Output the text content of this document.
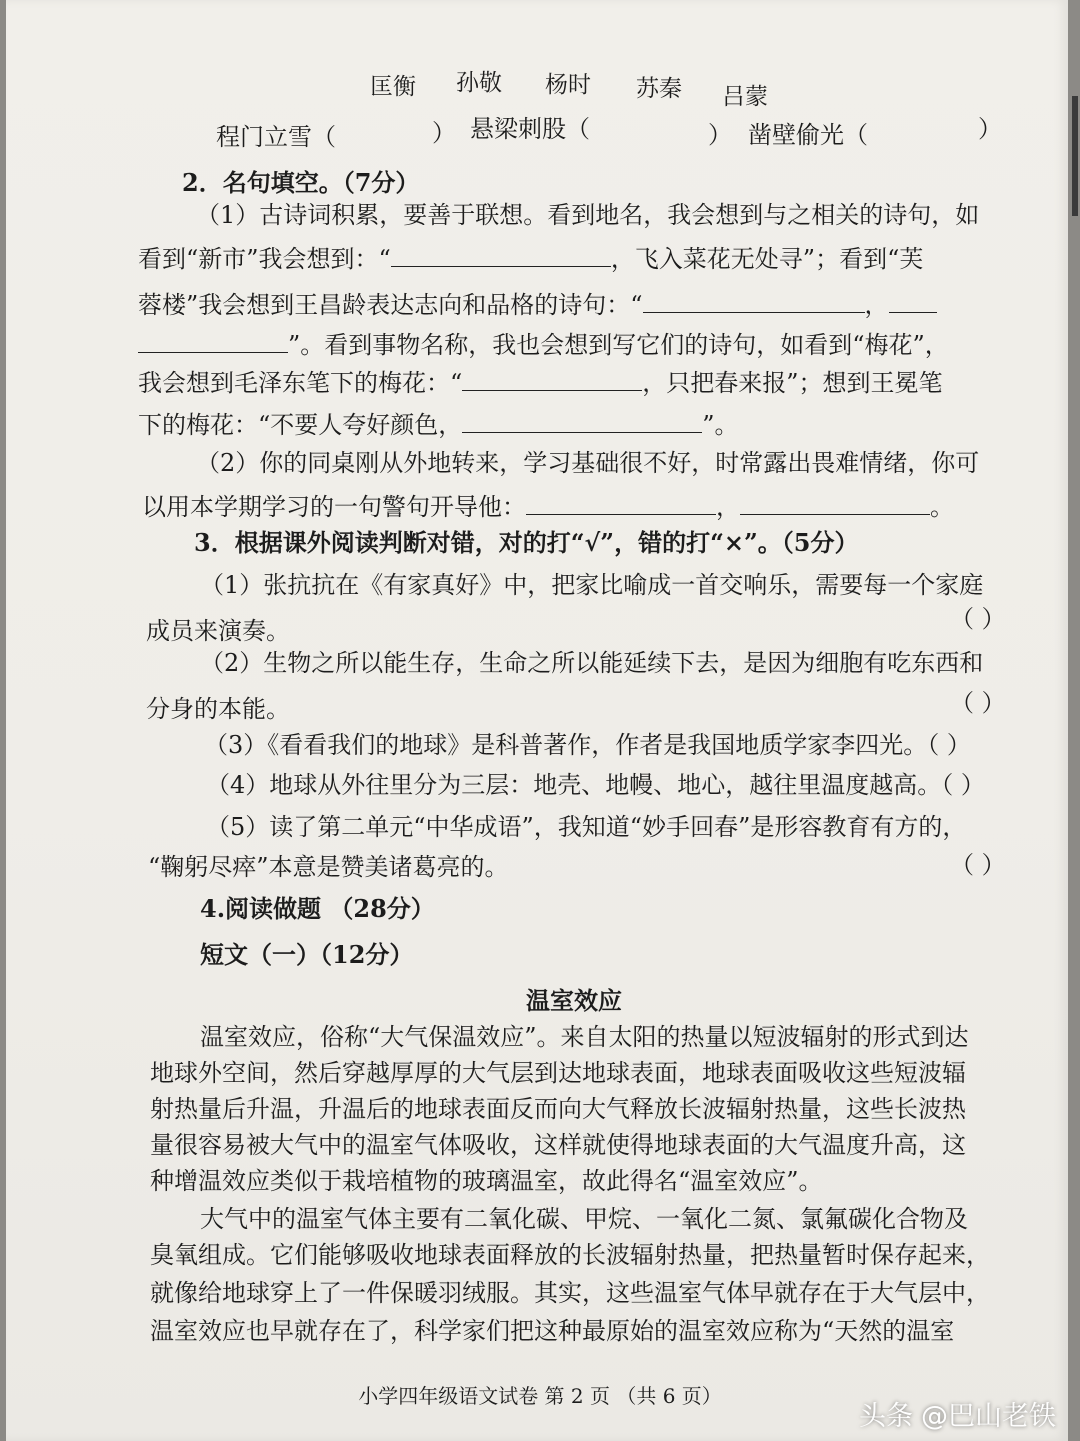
匡衡 孙敬 杨时 苏秦 吕蒙
程门立雪（	） 悬梁刺股（	） 凿壁偷光（	）
2．名句填空。（7分）
（1）古诗词积累，要善于联想。看到地名，我会想到与之相关的诗句，如
看到“新市”我会想到：“	，飞入菜花无处寻”；看到“芙
蓉楼”我会想到王昌龄表达志向和品格的诗句：“	，
”。看到事物名称，我也会想到写它们的诗句，如看到“梅花”，
我会想到毛泽东笔下的梅花：“	，只把春来报”；想到王冕笔
下的梅花：“不要人夸好颜色，	”。
（2）你的同桌刚从外地转来，学习基础很不好，时常露出畏难情绪，你可
以用本学期学习的一句警句开导他：	，	。
3．根据课外阅读判断对错，对的打“√”，错的打“×”。（5分）
（1）张抗抗在《有家真好》中，把家比喻成一首交响乐，需要每一个家庭
成员来演奏。	（ ）
（2）生物之所以能生存，生命之所以能延续下去，是因为细胞有吃东西和
分身的本能。	（ ）
（3）《看看我们的地球》是科普著作，作者是我国地质学家李四光。（ ）
（4）地球从外往里分为三层：地壳、地幔、地心，越往里温度越高。（ ）
（5）读了第二单元“中华成语”，我知道“妙手回春”是形容教育有方的，
“鞠躬尽瘁”本意是赞美诸葛亮的。	（ ）
4.阅读做题 （28分）
短文（一）（12分）
温室效应
温室效应，俗称“大气保温效应”。来自太阳的热量以短波辐射的形式到达
地球外空间，然后穿越厚厚的大气层到达地球表面，地球表面吸收这些短波辐
射热量后升温，升温后的地球表面反而向大气释放长波辐射热量，这些长波热
量很容易被大气中的温室气体吸收，这样就使得地球表面的大气温度升高，这
种增温效应类似于栽培植物的玻璃温室，故此得名“温室效应”。
大气中的温室气体主要有二氧化碳、甲烷、一氧化二氮、氯氟碳化合物及
臭氧组成。它们能够吸收地球表面释放的长波辐射热量，把热量暂时保存起来，
就像给地球穿上了一件保暖羽绒服。其实，这些温室气体早就存在于大气层中，
温室效应也早就存在了，科学家们把这种最原始的温室效应称为“天然的温室
小学四年级语文试卷 第 2 页 （共 6 页）
头条 @巴山老铁
